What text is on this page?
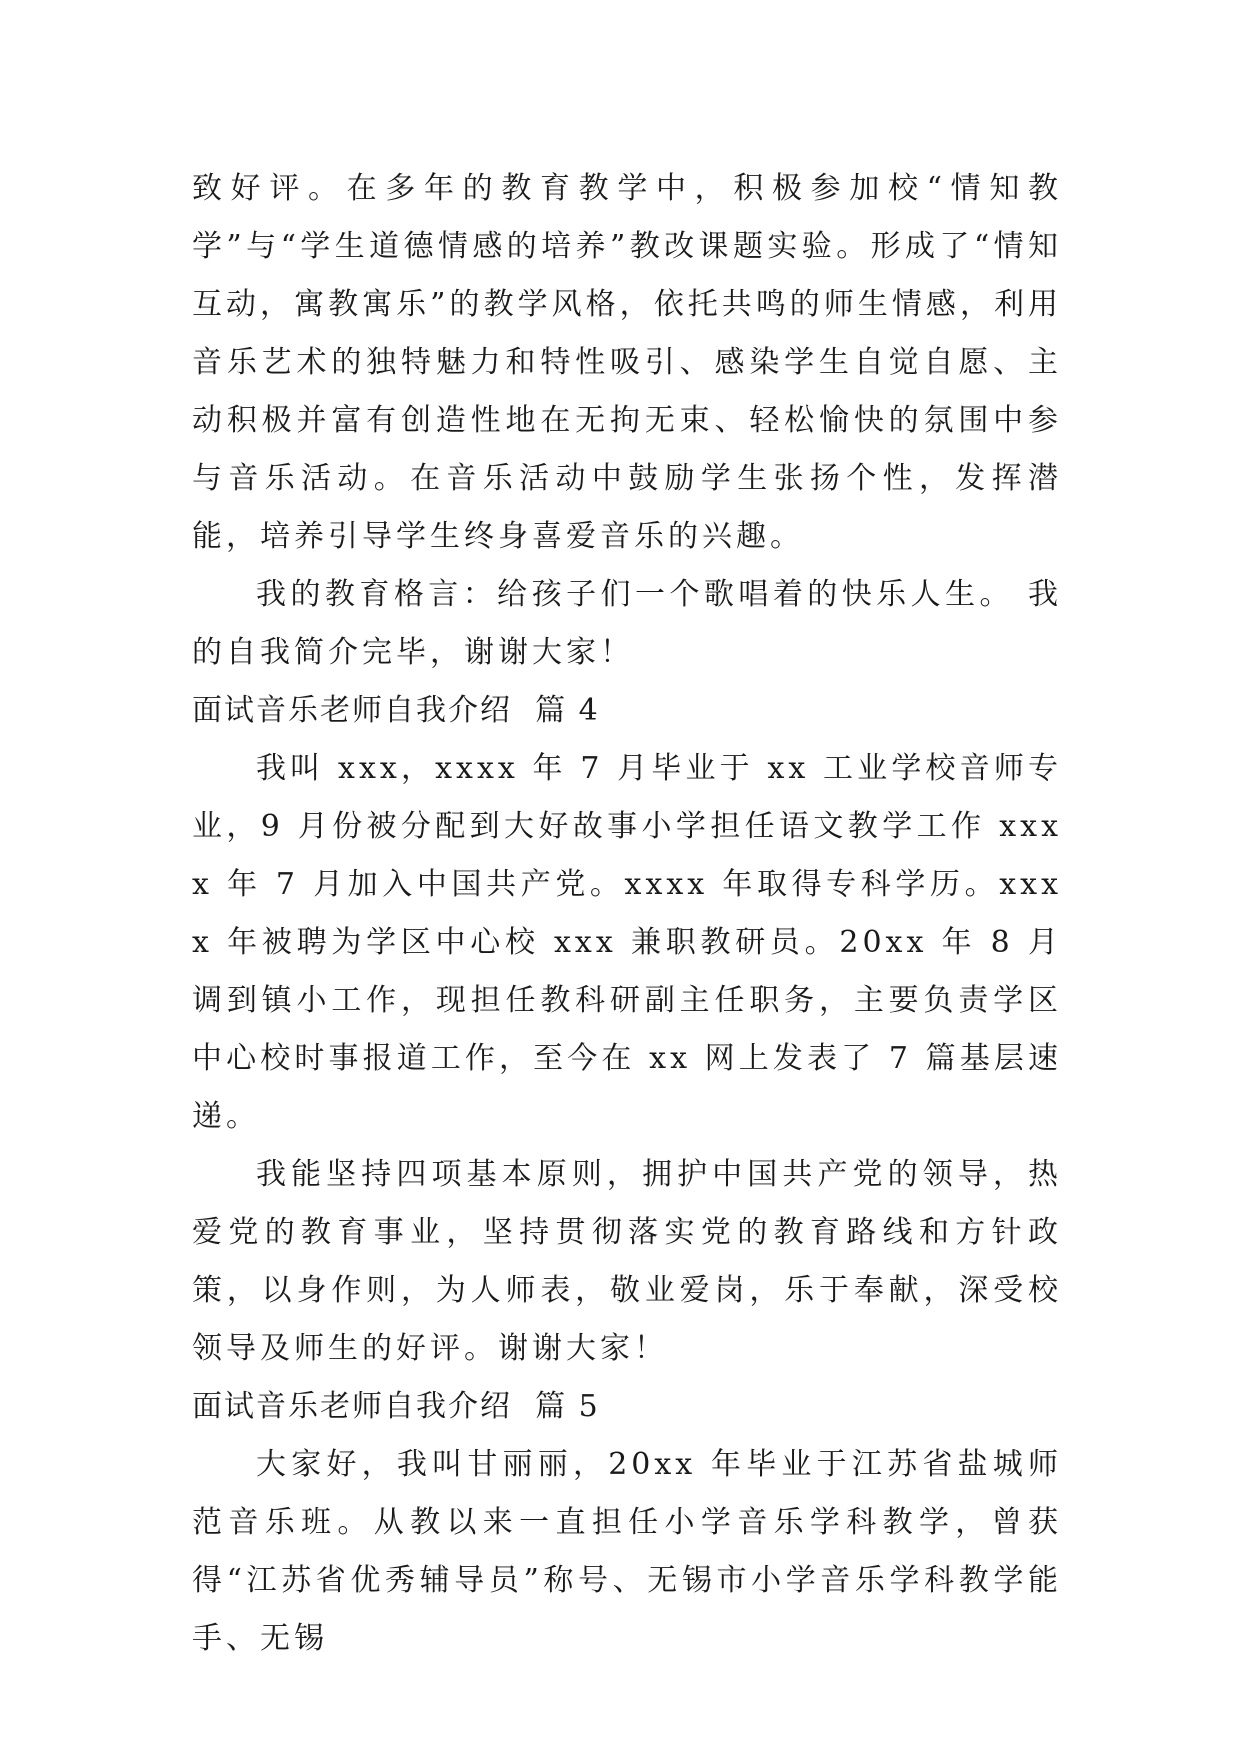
致好评。在多年的教育教学中，积极参加校“情知教学”与“学生道德情感的培养”教改课题实验。形成了“情知互动，寓教寓乐”的教学风格，依托共鸣的师生情感，利用音乐艺术的独特魅力和特性吸引、感染学生自觉自愿、主动积极并富有创造性地在无拘无束、轻松愉快的氛围中参与音乐活动。在音乐活动中鼓励学生张扬个性，发挥潜能，培养引导学生终身喜爱音乐的兴趣。

我的教育格言：给孩子们一个歌唱着的快乐人生。 我的自我简介完毕，谢谢大家！

面试音乐老师自我介绍  篇 4

我叫 xxx，xxxx 年 7 月毕业于 xx 工业学校音师专业，9 月份被分配到大好故事小学担任语文教学工作 xxxx 年 7 月加入中国共产党。xxxx 年取得专科学历。xxxx 年被聘为学区中心校 xxx 兼职教研员。20xx 年 8 月调到镇小工作，现担任教科研副主任职务，主要负责学区中心校时事报道工作，至今在 xx 网上发表了 7 篇基层速递。

我能坚持四项基本原则，拥护中国共产党的领导，热爱党的教育事业，坚持贯彻落实党的教育路线和方针政策，以身作则，为人师表，敬业爱岗，乐于奉献，深受校领导及师生的好评。谢谢大家！

面试音乐老师自我介绍  篇 5

大家好，我叫甘丽丽，20xx 年毕业于江苏省盐城师范音乐班。从教以来一直担任小学音乐学科教学，曾获得“江苏省优秀辅导员”称号、无锡市小学音乐学科教学能手、无锡
